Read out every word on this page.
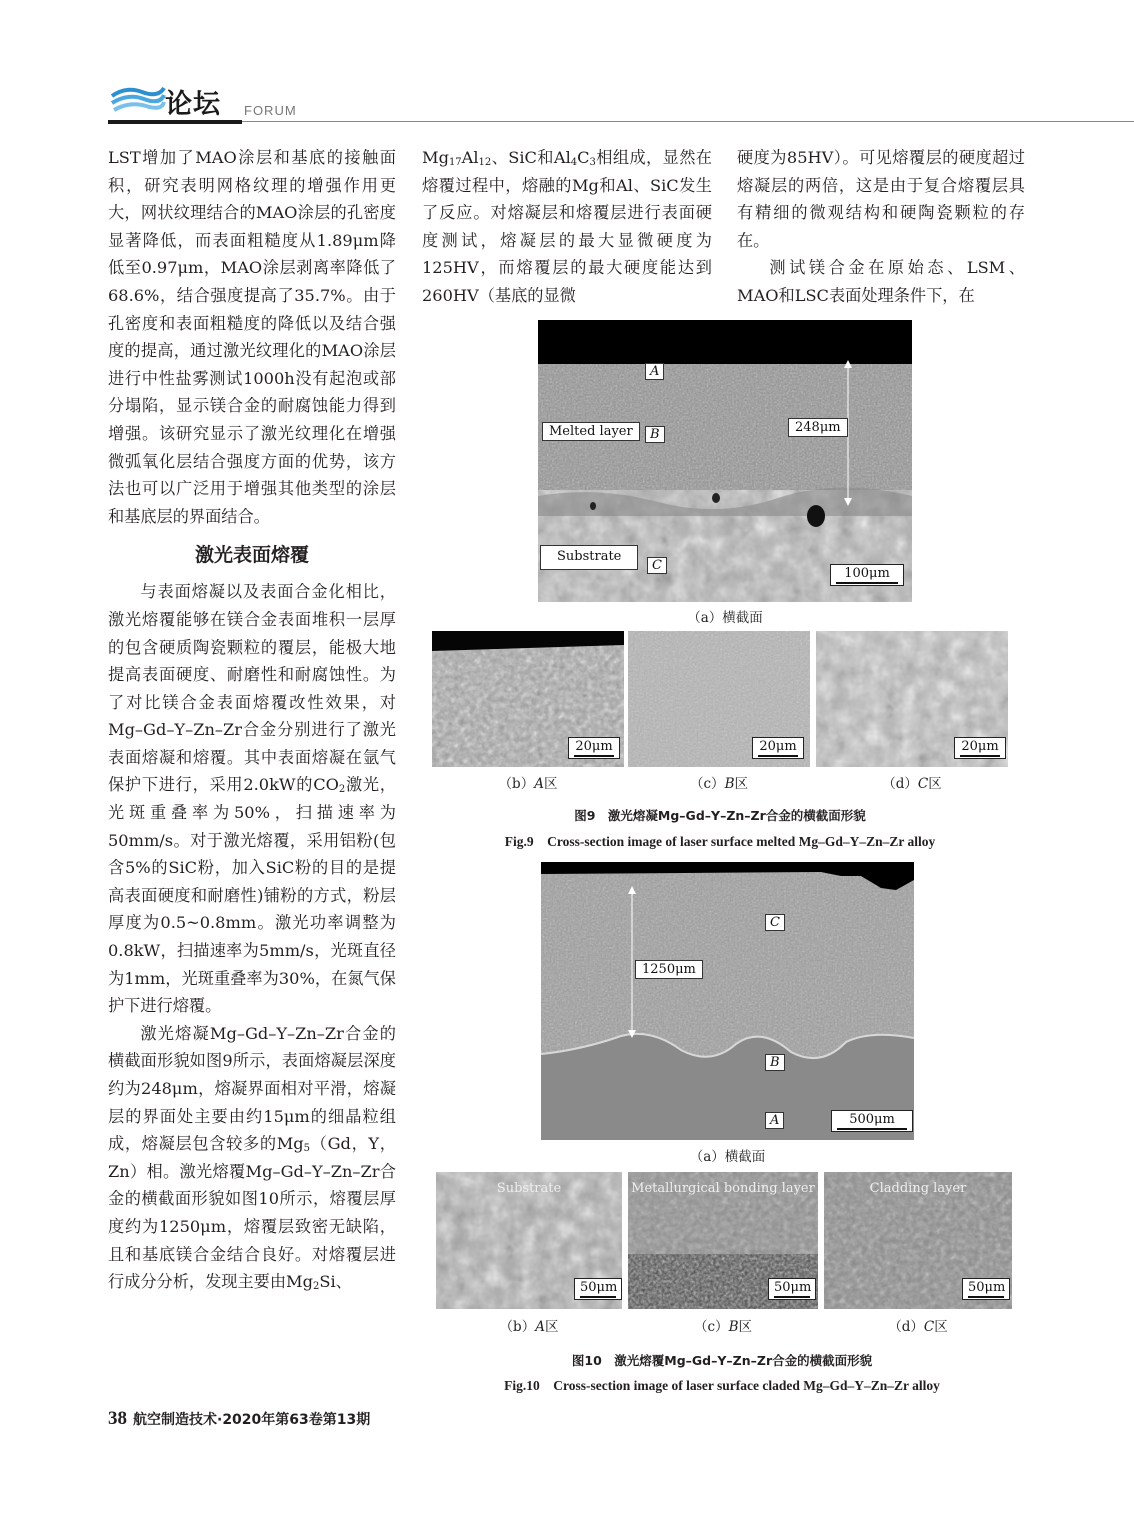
论坛 FORUM

LST增加了MAO涂层和基底的接触面积，研究表明网格纹理的增强作用更大，网状纹理结合的MAO涂层的孔密度显著降低，而表面粗糙度从1.89μm降低至0.97μm，MAO涂层剥离率降低了68.6%，结合强度提高了35.7%。由于孔密度和表面粗糙度的降低以及结合强度的提高，通过激光纹理化的MAO涂层进行中性盐雾测试1000h没有起泡或部分塌陷，显示镁合金的耐腐蚀能力得到增强。该研究显示了激光纹理化在增强微弧氧化层结合强度方面的优势，该方法也可以广泛用于增强其他类型的涂层和基底层的界面结合。

激光表面熔覆

与表面熔凝以及表面合金化相比，激光熔覆能够在镁合金表面堆积一层厚的包含硬质陶瓷颗粒的覆层，能极大地提高表面硬度、耐磨性和耐腐蚀性。为了对比镁合金表面熔覆改性效果，对Mg–Gd–Y–Zn–Zr合金分别进行了激光表面熔凝和熔覆。其中表面熔凝在氩气保护下进行，采用2.0kW的$CO_2$激光，光斑重叠率为50%，扫描速率为50mm/s。对于激光熔覆，采用铝粉(包含5%的SiC粉，加入SiC粉的目的是提高表面硬度和耐磨性)铺粉的方式，粉层厚度为0.5~0.8mm。激光功率调整为0.8kW，扫描速率为5mm/s，光斑直径为1mm，光斑重叠率为30%，在氮气保护下进行熔覆。

激光熔凝Mg–Gd–Y–Zn–Zr合金的横截面形貌如图9所示，表面熔凝层深度约为248μm，熔凝界面相对平滑，熔凝层的界面处主要由约15μm的细晶粒组成，熔凝层包含较多的$Mg_5(Gd$，Y，Zn）相。激光熔覆Mg–Gd–Y–Zn–Zr合金的横截面形貌如图10所示，熔覆层厚度约为1250μm，熔覆层致密无缺陷，且和基底镁合金结合良好。对熔覆层进行成分分析，发现主要由$Mg_2Si$、

$Mg_{17}Al_{12}$、SiC和$Al_4C_3$相组成，显然在熔覆过程中，熔融的Mg和Al、SiC发生了反应。对熔凝层和熔覆层进行表面硬度测试，熔凝层的最大显微硬度为125HV，而熔覆层的最大硬度能达到260HV（基底的显微

硬度为85HV）。可见熔覆层的硬度超过熔凝层的两倍，这是由于复合熔覆层具有精细的微观结构和硬陶瓷颗粒的存在。

测试镁合金在原始态、LSM、MAO和LSC表面处理条件下，在

A
Melted layer	B	248μm
Substrate
C
100μm
（a）横截面
20μm	20μm	20μm
（b）A区	（c）B区	（d）C区
图9　激光熔凝Mg–Gd–Y–Zn–Zr合金的横截面形貌
Fig.9　Cross-section image of laser surface melted Mg–Gd–Y–Zn–Zr alloy
C
1250μm
B
A	500μm
（a）横截面
Substrate
50μm
Metallurgical bonding layer
50μm
Cladding layer
50μm
（b）A区	（c）B区	（d）C区
图10　激光熔覆Mg–Gd–Y–Zn–Zr合金的横截面形貌
Fig.10　Cross-section image of laser surface claded Mg–Gd–Y–Zn–Zr alloy
38 航空制造技术·2020年第63卷第13期
